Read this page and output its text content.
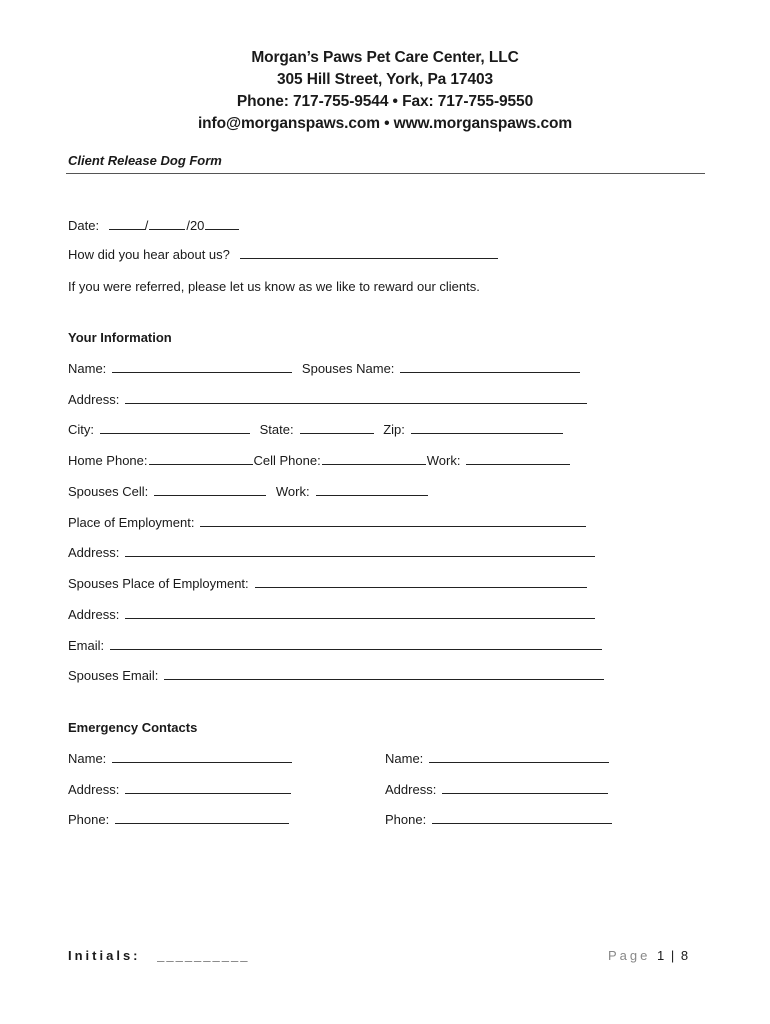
Morgan’s Paws Pet Care Center, LLC
305 Hill Street, York, Pa 17403
Phone: 717-755-9544 • Fax: 717-755-9550
info@morganspaws.com • www.morganspaws.com
Client Release Dog Form
Date:	/	/20
How did you hear about us?
If you were referred, please let us know as we like to reward our clients.
Your Information
Name:	Spouses Name:
Address:
City:	State:	Zip:
Home Phone:	Cell Phone:	Work:
Spouses Cell:	Work:
Place of Employment:
Address:
Spouses Place of Employment:
Address:
Email:
Spouses Email:
Emergency Contacts
Name:
Address:
Phone:
Name:
Address:
Phone:
Initials: __________	Page 1 | 8
